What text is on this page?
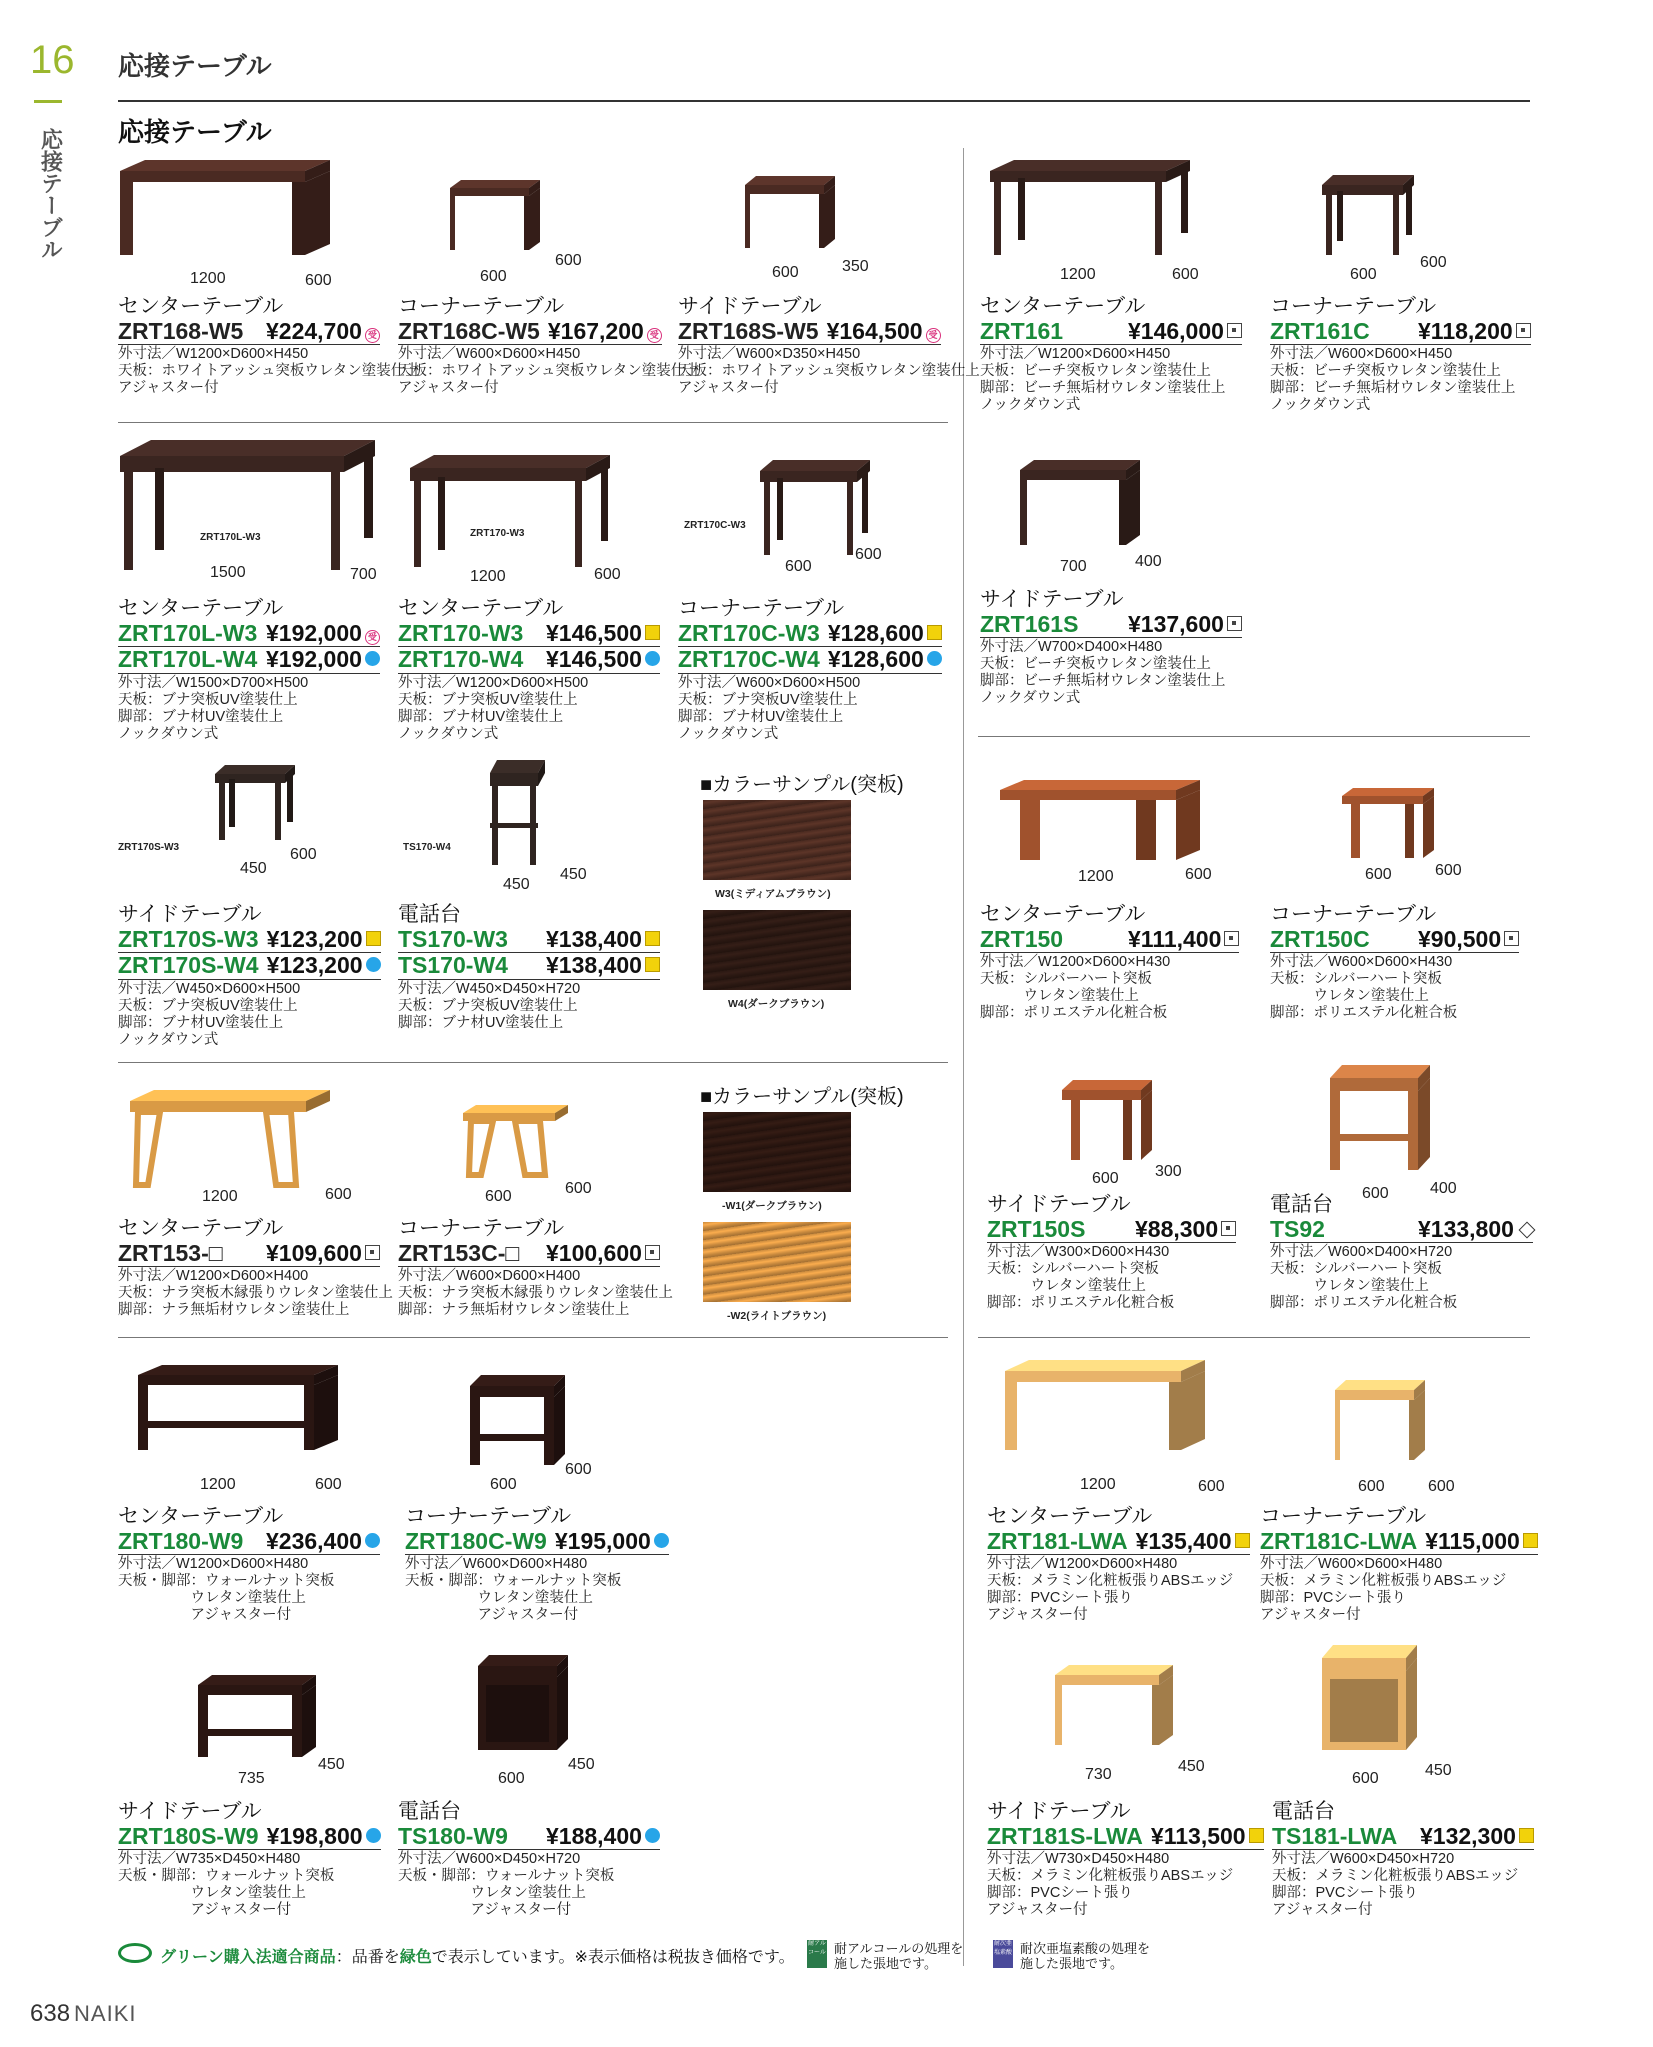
16
応接テーブル
応接テーブル
応接テーブル
1200	600	600
600
600	350	1200	600	600
600
1500	700
ZRT170L-W3
1200	600
ZRT170-W3
600
600
ZRT170C-W3
700	400
450
600
ZRT170S-W3
450
450
TS170-W4
1200	600	600	600
1200	600	600	600
600 300
600	400
1200	600	600
600
1200	600	600	600
735
450
600
450
730	450
600	450
センターテーブル
ZRT168-W5 ¥224,700 受
外寸法／W1200×D600×H450
天板：ホワイトアッシュ突板ウレタン塗装仕上
アジャスター付
コーナーテーブル
ZRT168C-W5 ¥167,200 受
外寸法／W600×D600×H450
天板：ホワイトアッシュ突板ウレタン塗装仕上
アジャスター付
サイドテーブル
ZRT168S-W5 ¥164,500 受
外寸法／W600×D350×H450
天板：ホワイトアッシュ突板ウレタン塗装仕上
アジャスター付
センターテーブル
ZRT161	¥146,000
外寸法／W1200×D600×H450
天板：ビーチ突板ウレタン塗装仕上
脚部：ビーチ無垢材ウレタン塗装仕上
ノックダウン式
コーナーテーブル
ZRT161C ¥118,200
外寸法／W600×D600×H450
天板：ビーチ突板ウレタン塗装仕上
脚部：ビーチ無垢材ウレタン塗装仕上
ノックダウン式
センターテーブル
ZRT170L-W3 ¥192,000 受
ZRT170L-W4 ¥192,000
外寸法／W1500×D700×H500
天板：ブナ突板UV塗装仕上
脚部：ブナ材UV塗装仕上
ノックダウン式
センターテーブル
ZRT170-W3 ¥146,500
ZRT170-W4 ¥146,500
外寸法／W1200×D600×H500
天板：ブナ突板UV塗装仕上
脚部：ブナ材UV塗装仕上
ノックダウン式
コーナーテーブル
ZRT170C-W3 ¥128,600
ZRT170C-W4 ¥128,600
外寸法／W600×D600×H500
天板：ブナ突板UV塗装仕上
脚部：ブナ材UV塗装仕上
ノックダウン式
サイドテーブル
ZRT161S ¥137,600
外寸法／W700×D400×H480
天板：ビーチ突板ウレタン塗装仕上
脚部：ビーチ無垢材ウレタン塗装仕上
ノックダウン式
サイドテーブル
ZRT170S-W3 ¥123,200
ZRT170S-W4 ¥123,200
外寸法／W450×D600×H500
天板：ブナ突板UV塗装仕上
脚部：ブナ材UV塗装仕上
ノックダウン式
電話台
TS170-W3 ¥138,400
TS170-W4 ¥138,400
外寸法／W450×D450×H720
天板：ブナ突板UV塗装仕上
脚部：ブナ材UV塗装仕上
センターテーブル
ZRT150	¥111,400
外寸法／W1200×D600×H430
天板：シルバーハート突板
　　　ウレタン塗装仕上
脚部：ポリエステル化粧合板
コーナーテーブル
ZRT150C ¥90,500
外寸法／W600×D600×H430
天板：シルバーハート突板
　　　ウレタン塗装仕上
脚部：ポリエステル化粧合板
センターテーブル
ZRT153-□ ¥109,600
外寸法／W1200×D600×H400
天板：ナラ突板木縁張りウレタン塗装仕上
脚部：ナラ無垢材ウレタン塗装仕上
コーナーテーブル
ZRT153C-□ ¥100,600
外寸法／W600×D600×H400
天板：ナラ突板木縁張りウレタン塗装仕上
脚部：ナラ無垢材ウレタン塗装仕上
サイドテーブル
ZRT150S ¥88,300
外寸法／W300×D600×H430
天板：シルバーハート突板
　　　ウレタン塗装仕上
脚部：ポリエステル化粧合板
電話台
TS92	¥133,800
外寸法／W600×D400×H720
天板：シルバーハート突板
　　　ウレタン塗装仕上
脚部：ポリエステル化粧合板
センターテーブル
ZRT180-W9 ¥236,400
外寸法／W1200×D600×H480
天板・脚部：ウォールナット突板
　　　　　ウレタン塗装仕上
　　　　　アジャスター付
コーナーテーブル
ZRT180C-W9 ¥195,000
外寸法／W600×D600×H480
天板・脚部：ウォールナット突板
　　　　　ウレタン塗装仕上
　　　　　アジャスター付
センターテーブル
ZRT181-LWA ¥135,400
外寸法／W1200×D600×H480
天板：メラミン化粧板張りABSエッジ
脚部：PVCシート張り
アジャスター付
コーナーテーブル
ZRT181C-LWA ¥115,000
外寸法／W600×D600×H480
天板：メラミン化粧板張りABSエッジ
脚部：PVCシート張り
アジャスター付
サイドテーブル
ZRT180S-W9 ¥198,800
外寸法／W735×D450×H480
天板・脚部：ウォールナット突板
　　　　　ウレタン塗装仕上
　　　　　アジャスター付
電話台
TS180-W9 ¥188,400
外寸法／W600×D450×H720
天板・脚部：ウォールナット突板
　　　　　ウレタン塗装仕上
　　　　　アジャスター付
サイドテーブル
ZRT181S-LWA ¥113,500
外寸法／W730×D450×H480
天板：メラミン化粧板張りABSエッジ
脚部：PVCシート張り
アジャスター付
電話台
TS181-LWA ¥132,300
外寸法／W600×D450×H720
天板：メラミン化粧板張りABSエッジ
脚部：PVCシート張り
アジャスター付
■カラーサンプル(突板)
W3(ミディアムブラウン)
W4(ダークブラウン)
■カラーサンプル(突板)
-W1(ダークブラウン)
-W2(ライトブラウン)
グリーン購入法適合商品：品番を緑色で表示しています。※表示価格は税抜き価格です。
耐アル
コール 耐アルコールの処理を
施した張地です。
耐次亜
塩素酸 耐次亜塩素酸の処理を
施した張地です。
638 NAIKI
